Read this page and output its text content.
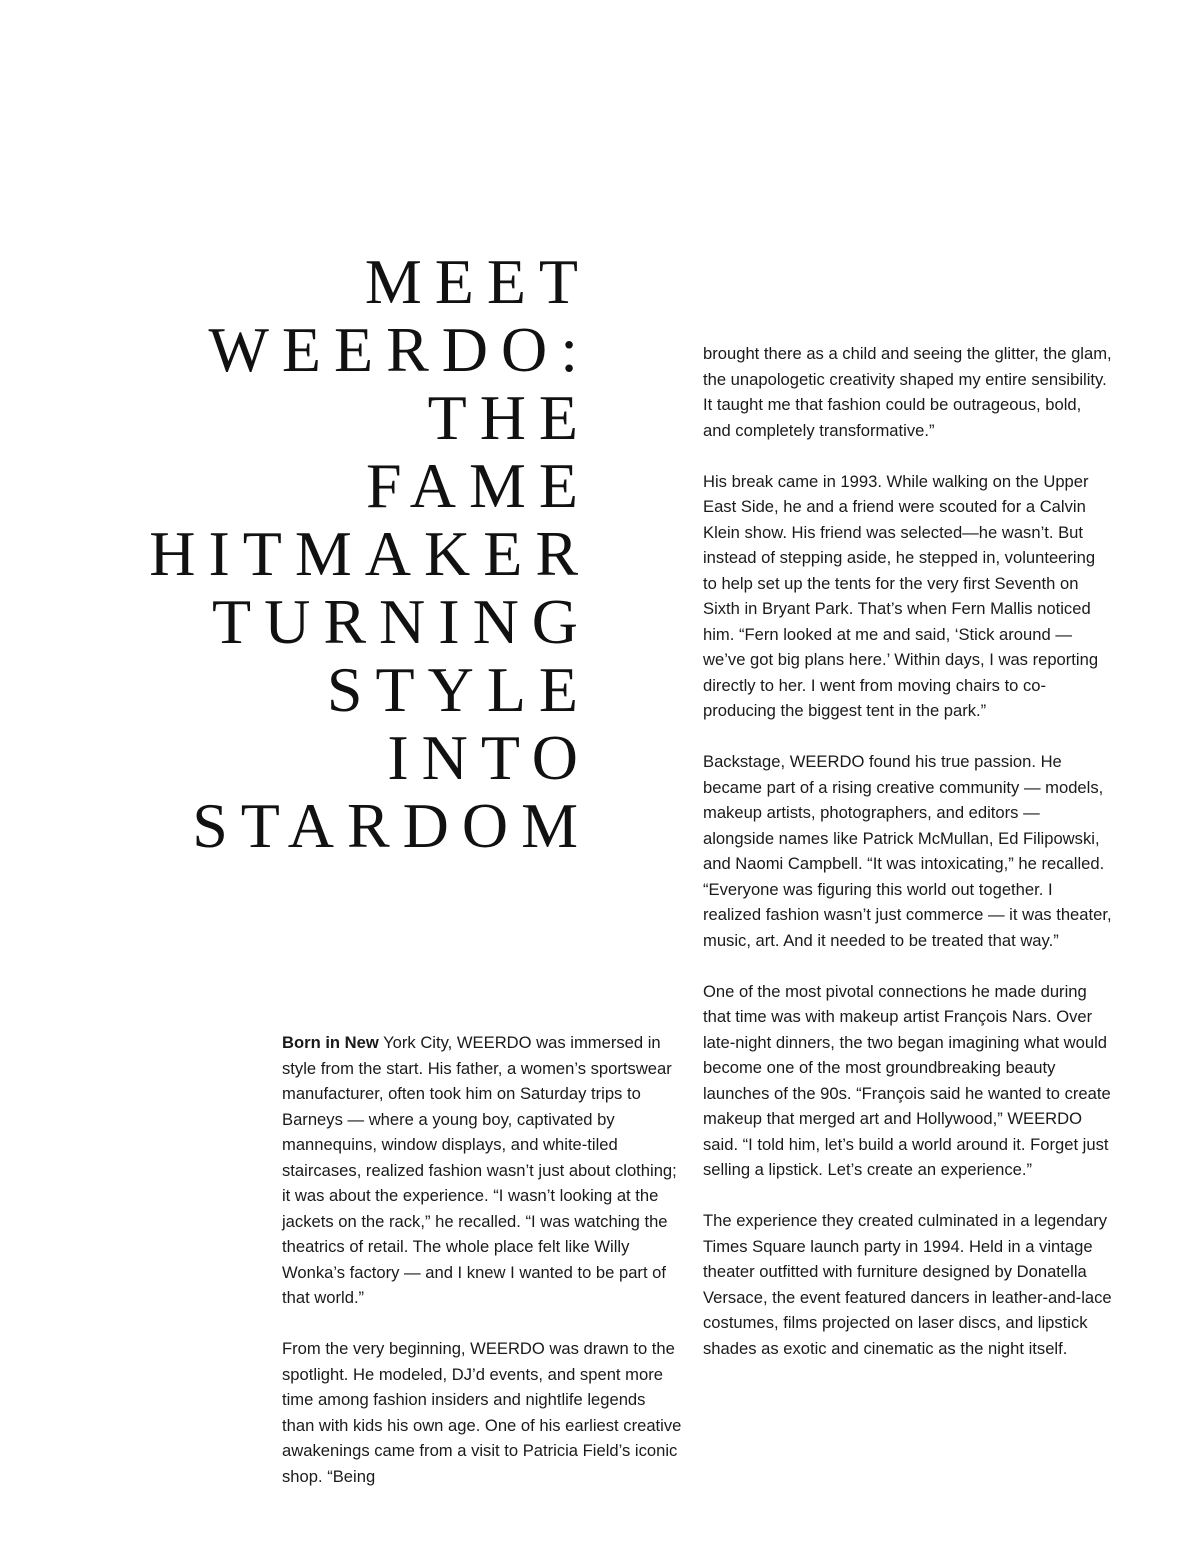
MEET
WEERDO:
THE
FAME
HITMAKER
TURNING
STYLE
INTO
STARDOM

Born in New York City, WEERDO was immersed in style from the start. His father, a women’s sportswear manufacturer, often took him on Saturday trips to Barneys — where a young boy, captivated by mannequins, window displays, and white-tiled staircases, realized fashion wasn’t just about clothing; it was about the experience. “I wasn’t looking at the jackets on the rack,” he recalled. “I was watching the theatrics of retail. The whole place felt like Willy Wonka’s factory — and I knew I wanted to be part of that world.”

From the very beginning, WEERDO was drawn to the spotlight. He modeled, DJ’d events, and spent more time among fashion insiders and nightlife legends than with kids his own age. One of his earliest creative awakenings came from a visit to Patricia Field’s iconic shop. “Being

brought there as a child and seeing the glitter, the glam, the unapologetic creativity shaped my entire sensibility. It taught me that fashion could be outrageous, bold, and completely transformative.”

His break came in 1993. While walking on the Upper East Side, he and a friend were scouted for a Calvin Klein show. His friend was selected—he wasn’t. But instead of stepping aside, he stepped in, volunteering to help set up the tents for the very first Seventh on Sixth in Bryant Park. That’s when Fern Mallis noticed him. “Fern looked at me and said, ‘Stick around — we’ve got big plans here.’ Within days, I was reporting directly to her. I went from moving chairs to co-producing the biggest tent in the park.”

Backstage, WEERDO found his true passion. He became part of a rising creative community — models, makeup artists, photographers, and editors — alongside names like Patrick McMullan, Ed Filipowski, and Naomi Campbell. “It was intoxicating,” he recalled. “Everyone was figuring this world out together. I realized fashion wasn’t just commerce — it was theater, music, art. And it needed to be treated that way.”

One of the most pivotal connections he made during that time was with makeup artist François Nars. Over late-night dinners, the two began imagining what would become one of the most groundbreaking beauty launches of the 90s. “François said he wanted to create makeup that merged art and Hollywood,” WEERDO said. “I told him, let’s build a world around it. Forget just selling a lipstick. Let’s create an experience.”

The experience they created culminated in a legendary Times Square launch party in 1994. Held in a vintage theater outfitted with furniture designed by Donatella Versace, the event featured dancers in leather-and-lace costumes, films projected on laser discs, and lipstick shades as exotic and cinematic as the night itself.
